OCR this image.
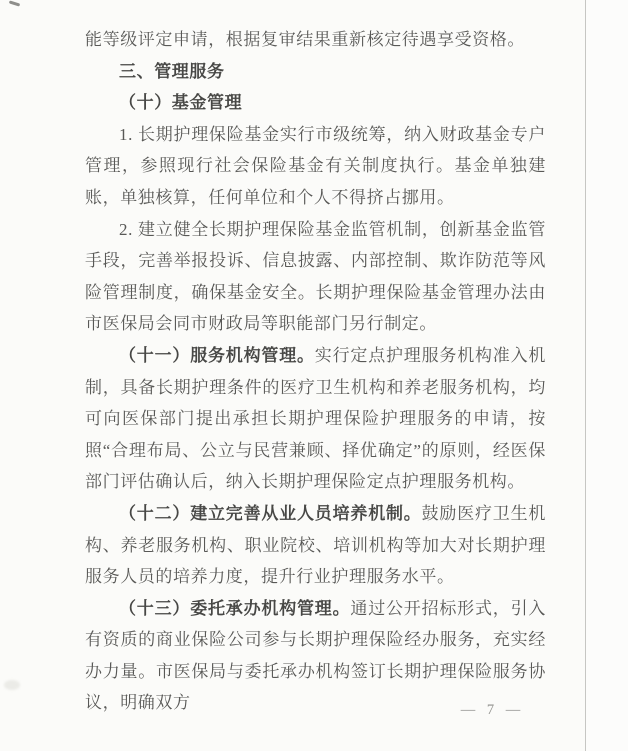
能等级评定申请，根据复审结果重新核定待遇享受资格。

三、管理服务

（十）基金管理

1. 长期护理保险基金实行市级统筹，纳入财政基金专户管理，参照现行社会保险基金有关制度执行。基金单独建账，单独核算，任何单位和个人不得挤占挪用。

2. 建立健全长期护理保险基金监管机制，创新基金监管手段，完善举报投诉、信息披露、内部控制、欺诈防范等风险管理制度，确保基金安全。长期护理保险基金管理办法由市医保局会同市财政局等职能部门另行制定。

（十一）服务机构管理。实行定点护理服务机构准入机制，具备长期护理条件的医疗卫生机构和养老服务机构，均可向医保部门提出承担长期护理保险护理服务的申请，按照“合理布局、公立与民营兼顾、择优确定”的原则，经医保部门评估确认后，纳入长期护理保险定点护理服务机构。

（十二）建立完善从业人员培养机制。鼓励医疗卫生机构、养老服务机构、职业院校、培训机构等加大对长期护理服务人员的培养力度，提升行业护理服务水平。

（十三）委托承办机构管理。通过公开招标形式，引入有资质的商业保险公司参与长期护理保险经办服务，充实经办力量。市医保局与委托承办机构签订长期护理保险服务协议，明确双方	— 7 —
